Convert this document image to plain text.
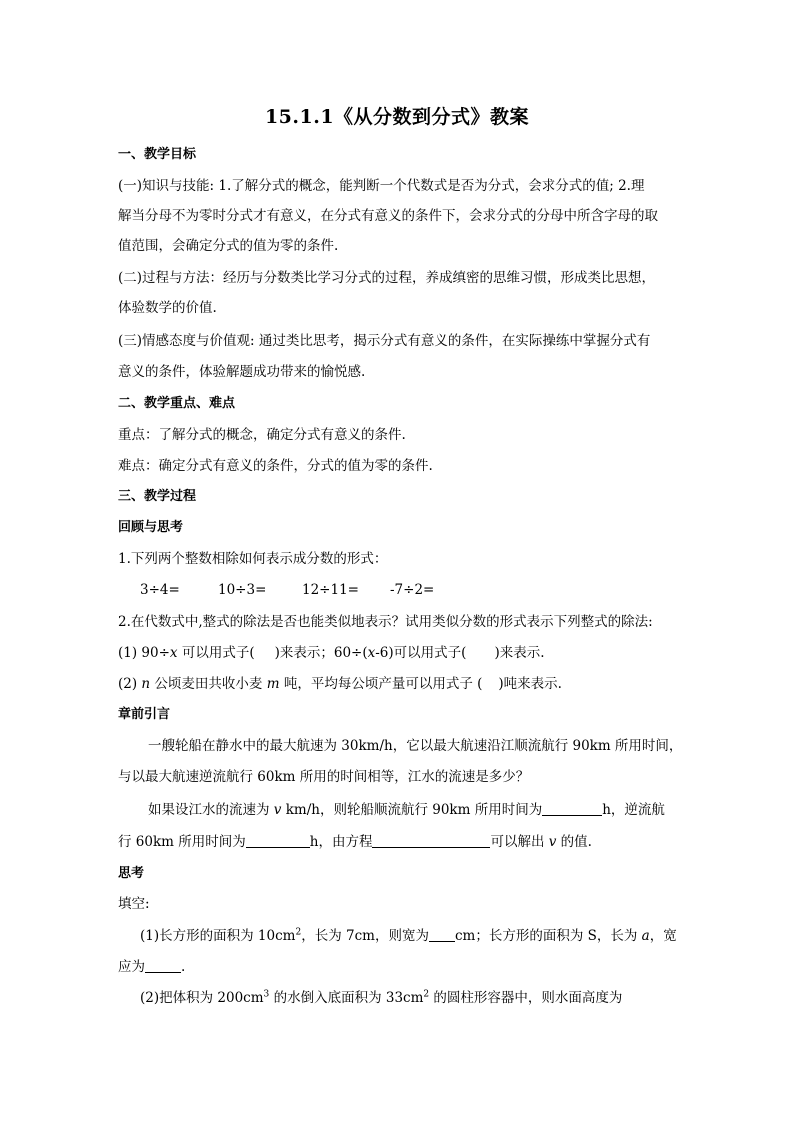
15.1.1《从分数到分式》教案
一、教学目标
(一)知识与技能: 1.了解分式的概念，能判断一个代数式是否为分式，会求分式的值; 2.理
解当分母不为零时分式才有意义，在分式有意义的条件下，会求分式的分母中所含字母的取
值范围，会确定分式的值为零的条件.
(二)过程与方法：经历与分数类比学习分式的过程，养成缜密的思维习惯，形成类比思想，
体验数学的价值.
(三)情感态度与价值观: 通过类比思考，揭示分式有意义的条件，在实际操练中掌握分式有
意义的条件，体验解题成功带来的愉悦感.
二、教学重点、难点
重点：了解分式的概念，确定分式有意义的条件.
难点：确定分式有意义的条件，分式的值为零的条件.
三、教学过程
回顾与思考
1.下列两个整数相除如何表示成分数的形式：
3÷4=	10÷3=	12÷11= -7÷2=
2.在代数式中,整式的除法是否也能类似地表示？试用类似分数的形式表示下列整式的除法:
(1) 90÷x 可以用式子( )来表示；60÷(x-6)可以用式子( )来表示.
(2) n 公顷麦田共收小麦 m 吨，平均每公顷产量可以用式子 ( )吨来表示.
章前引言
一艘轮船在静水中的最大航速为 30km/h，它以最大航速沿江顺流航行 90km 所用时间，
与以最大航速逆流航行 60km 所用的时间相等，江水的流速是多少？
如果设江水的流速为 v km/h，则轮船顺流航行 90km 所用时间为	h，逆流航
行 60km 所用时间为	h，由方程	可以解出 v 的值.
思考
填空:
(1)长方形的面积为 $10cm^2$，长为 7cm，则宽为 cm；长方形的面积为 S，长为 a，宽
应为	.
(2)把体积为 $200cm^3$ 的水倒入底面积为 $33cm^2$ 的圆柱形容器中，则水面高度为
